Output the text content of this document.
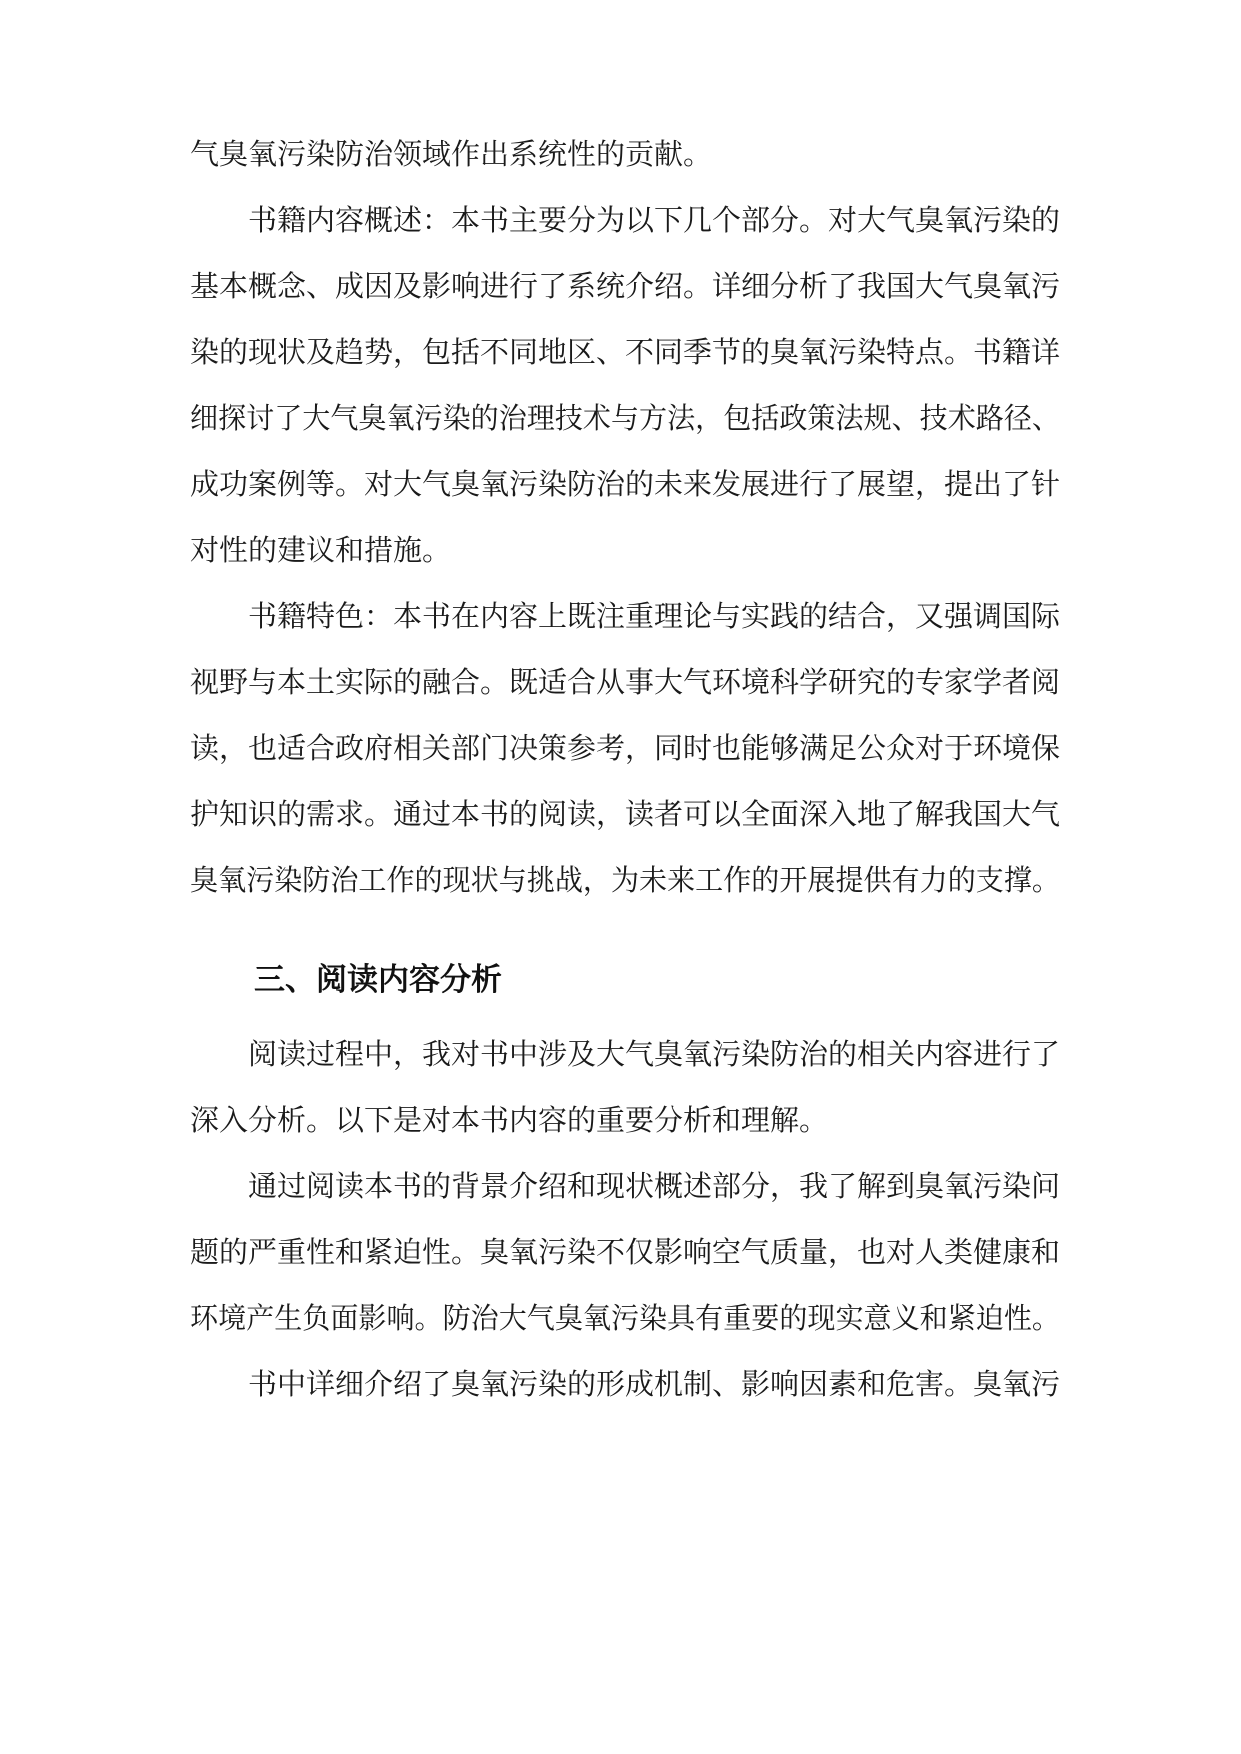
气臭氧污染防治领域作出系统性的贡献。
书籍内容概述：本书主要分为以下几个部分。对大气臭氧污染的
基本概念、成因及影响进行了系统介绍。详细分析了我国大气臭氧污
染的现状及趋势，包括不同地区、不同季节的臭氧污染特点。书籍详
细探讨了大气臭氧污染的治理技术与方法，包括政策法规、技术路径、
成功案例等。对大气臭氧污染防治的未来发展进行了展望，提出了针
对性的建议和措施。
书籍特色：本书在内容上既注重理论与实践的结合，又强调国际
视野与本土实际的融合。既适合从事大气环境科学研究的专家学者阅
读，也适合政府相关部门决策参考，同时也能够满足公众对于环境保
护知识的需求。通过本书的阅读，读者可以全面深入地了解我国大气
臭氧污染防治工作的现状与挑战，为未来工作的开展提供有力的支撑。
三、阅读内容分析
阅读过程中，我对书中涉及大气臭氧污染防治的相关内容进行了
深入分析。以下是对本书内容的重要分析和理解。
通过阅读本书的背景介绍和现状概述部分，我了解到臭氧污染问
题的严重性和紧迫性。臭氧污染不仅影响空气质量，也对人类健康和
环境产生负面影响。防治大气臭氧污染具有重要的现实意义和紧迫性。
书中详细介绍了臭氧污染的形成机制、影响因素和危害。臭氧污
